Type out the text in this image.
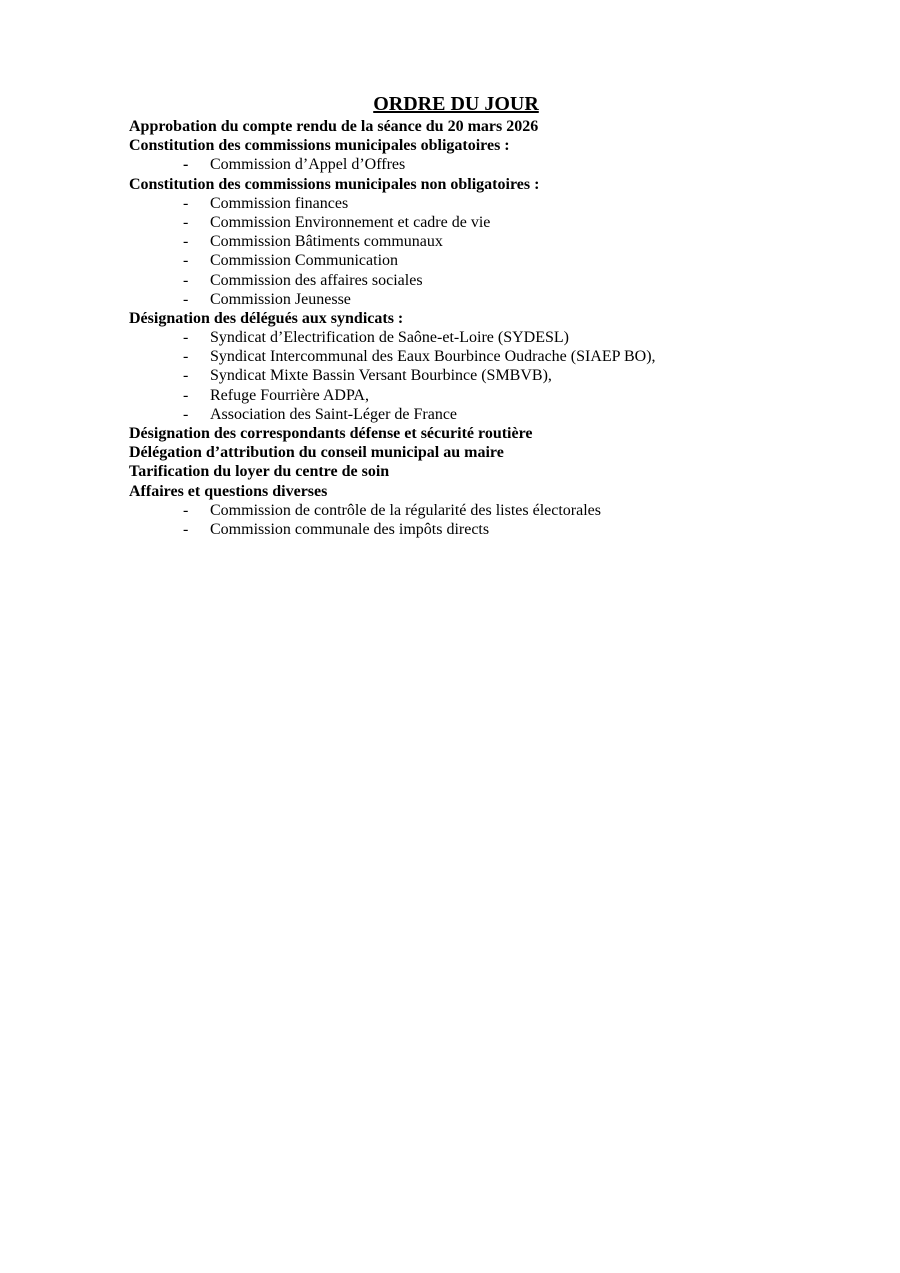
ORDRE DU JOUR
Approbation du compte rendu de la séance du 20 mars 2026
Constitution des commissions municipales obligatoires :
- Commission d’Appel d’Offres
Constitution des commissions municipales non obligatoires :
- Commission finances
- Commission Environnement et cadre de vie
- Commission Bâtiments communaux
- Commission Communication
- Commission des affaires sociales
- Commission Jeunesse
Désignation des délégués aux syndicats :
- Syndicat d’Electrification de Saône-et-Loire (SYDESL)
- Syndicat Intercommunal des Eaux Bourbince Oudrache (SIAEP BO),
- Syndicat Mixte Bassin Versant Bourbince (SMBVB),
- Refuge Fourrière ADPA,
- Association des Saint-Léger de France
Désignation des correspondants défense et sécurité routière
Délégation d’attribution du conseil municipal au maire
Tarification du loyer du centre de soin
Affaires et questions diverses
- Commission de contrôle de la régularité des listes électorales
- Commission communale des impôts directs
